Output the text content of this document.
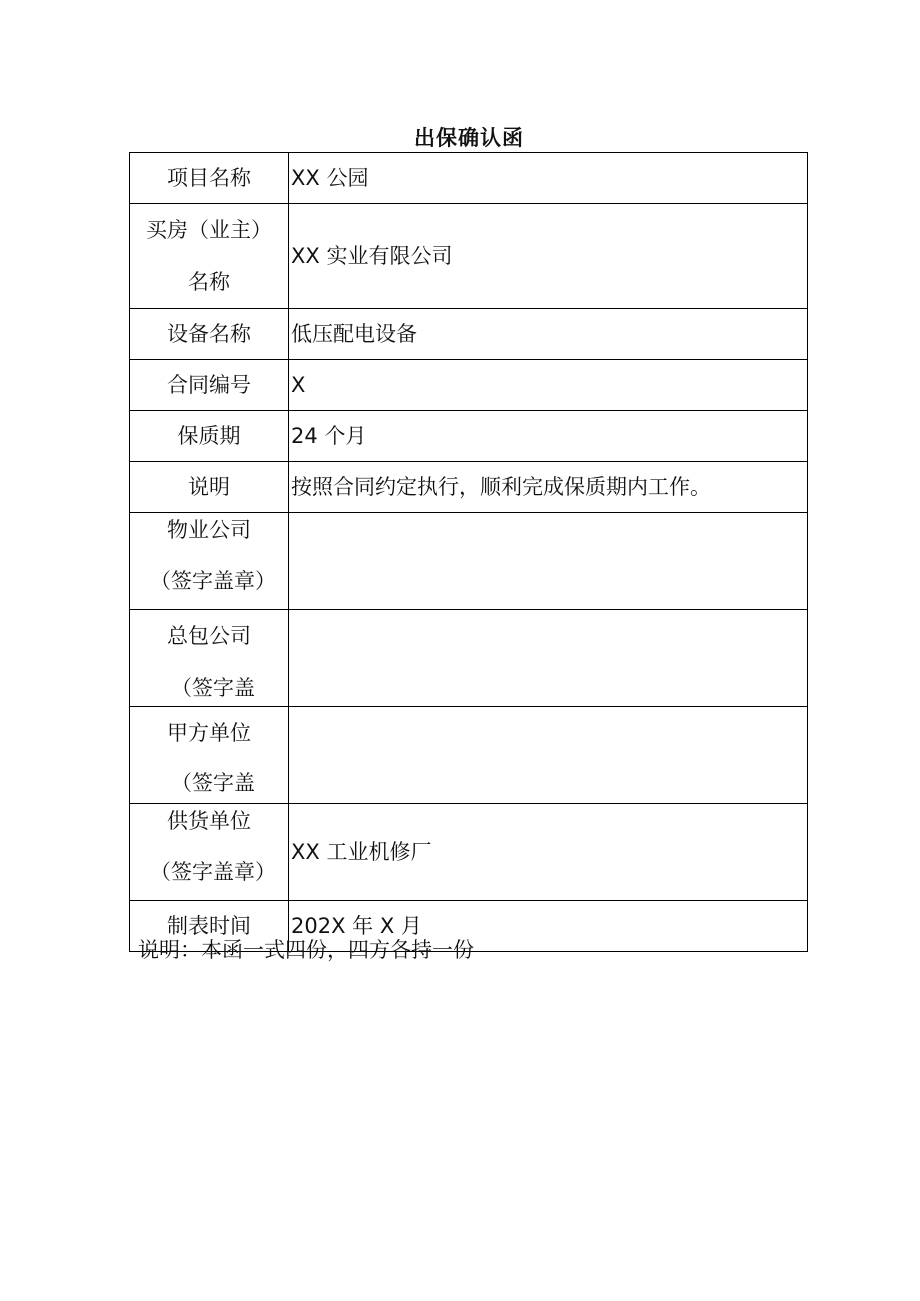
出保确认函
项目名称	XX 公园

买房（业主）
名称	XX 实业有限公司

设备名称	低压配电设备

合同编号	X

保质期	24 个月

说明	按照合同约定执行，顺利完成保质期内工作。

物业公司
（签字盖章）	

总包公司
（签字盖	

甲方单位
（签字盖	

供货单位
（签字盖章）	XX 工业机修厂

制表时间	202X 年 X 月
说明：本函一式四份，四方各持一份
